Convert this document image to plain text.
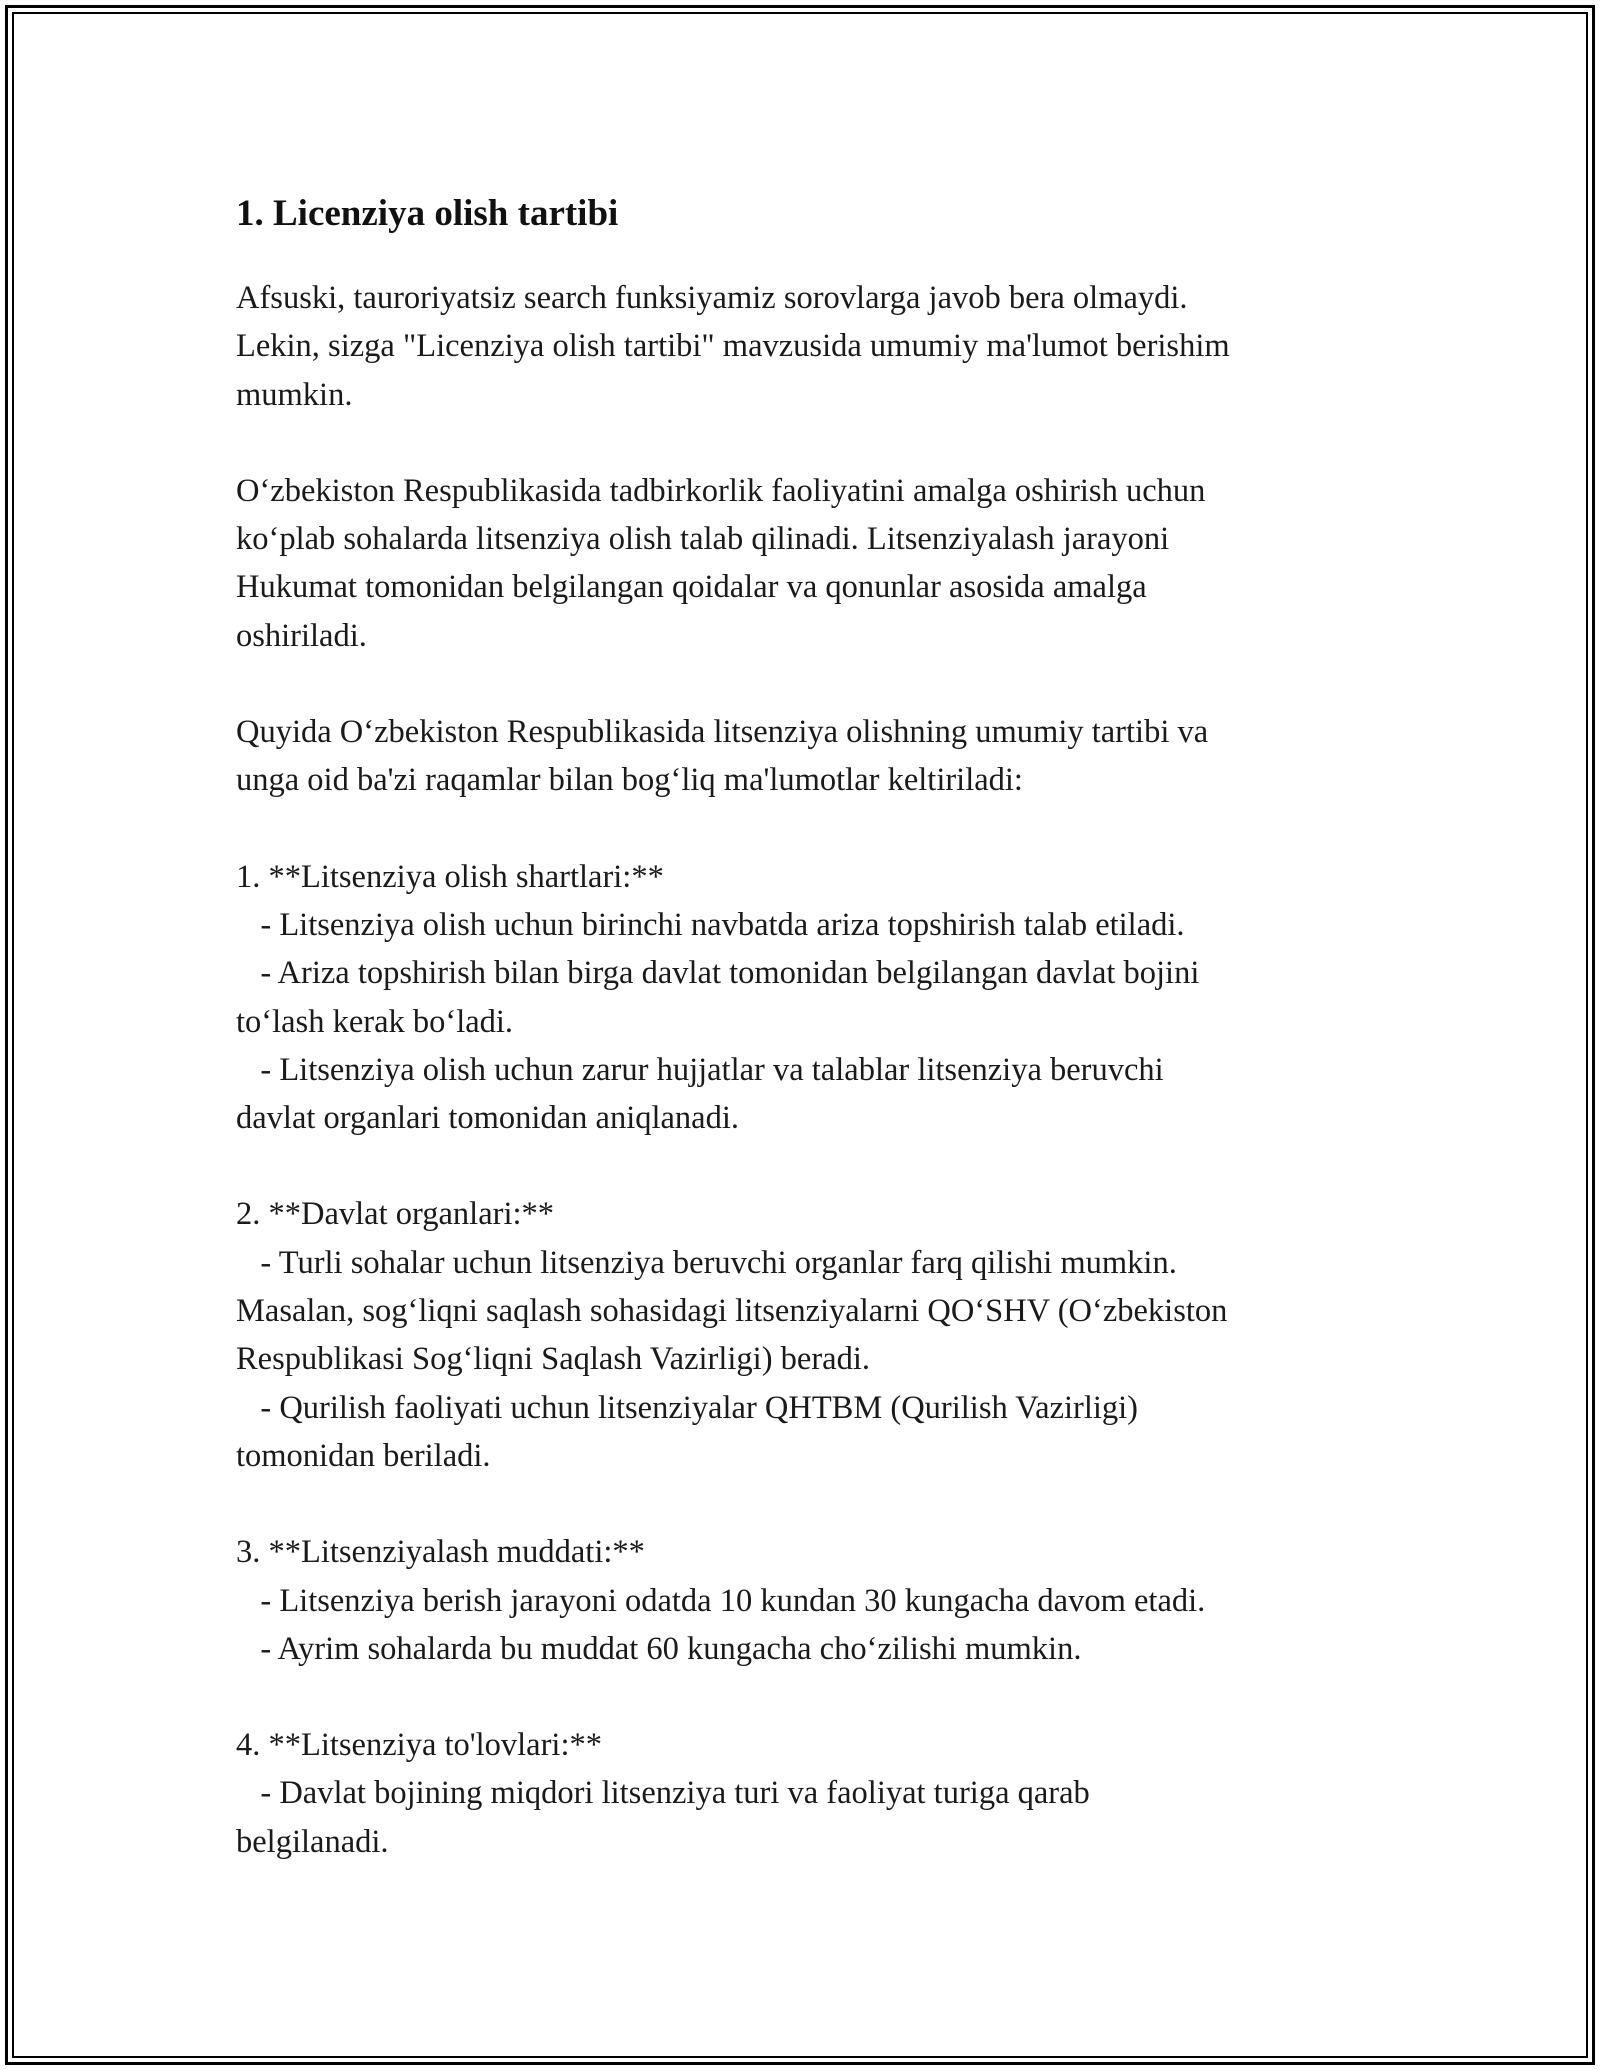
1. Licenziya olish tartibi

Afsuski, tauroriyatsiz search funksiyamiz sorovlarga javob bera olmaydi.
Lekin, sizga "Licenziya olish tartibi" mavzusida umumiy ma'lumot berishim
mumkin.

O‘zbekiston Respublikasida tadbirkorlik faoliyatini amalga oshirish uchun
ko‘plab sohalarda litsenziya olish talab qilinadi. Litsenziyalash jarayoni
Hukumat tomonidan belgilangan qoidalar va qonunlar asosida amalga
oshiriladi.

Quyida O‘zbekiston Respublikasida litsenziya olishning umumiy tartibi va
unga oid ba'zi raqamlar bilan bog‘liq ma'lumotlar keltiriladi:

1. **Litsenziya olish shartlari:**
- Litsenziya olish uchun birinchi navbatda ariza topshirish talab etiladi.
- Ariza topshirish bilan birga davlat tomonidan belgilangan davlat bojini
to‘lash kerak bo‘ladi.
- Litsenziya olish uchun zarur hujjatlar va talablar litsenziya beruvchi
davlat organlari tomonidan aniqlanadi.
2. **Davlat organlari:**
- Turli sohalar uchun litsenziya beruvchi organlar farq qilishi mumkin.
Masalan, sog‘liqni saqlash sohasidagi litsenziyalarni QO‘SHV (O‘zbekiston
Respublikasi Sog‘liqni Saqlash Vazirligi) beradi.
- Qurilish faoliyati uchun litsenziyalar QHTBM (Qurilish Vazirligi)
tomonidan beriladi.
3. **Litsenziyalash muddati:**
- Litsenziya berish jarayoni odatda 10 kundan 30 kungacha davom etadi.
- Ayrim sohalarda bu muddat 60 kungacha cho‘zilishi mumkin.
4. **Litsenziya to'lovlari:**
- Davlat bojining miqdori litsenziya turi va faoliyat turiga qarab
belgilanadi.
